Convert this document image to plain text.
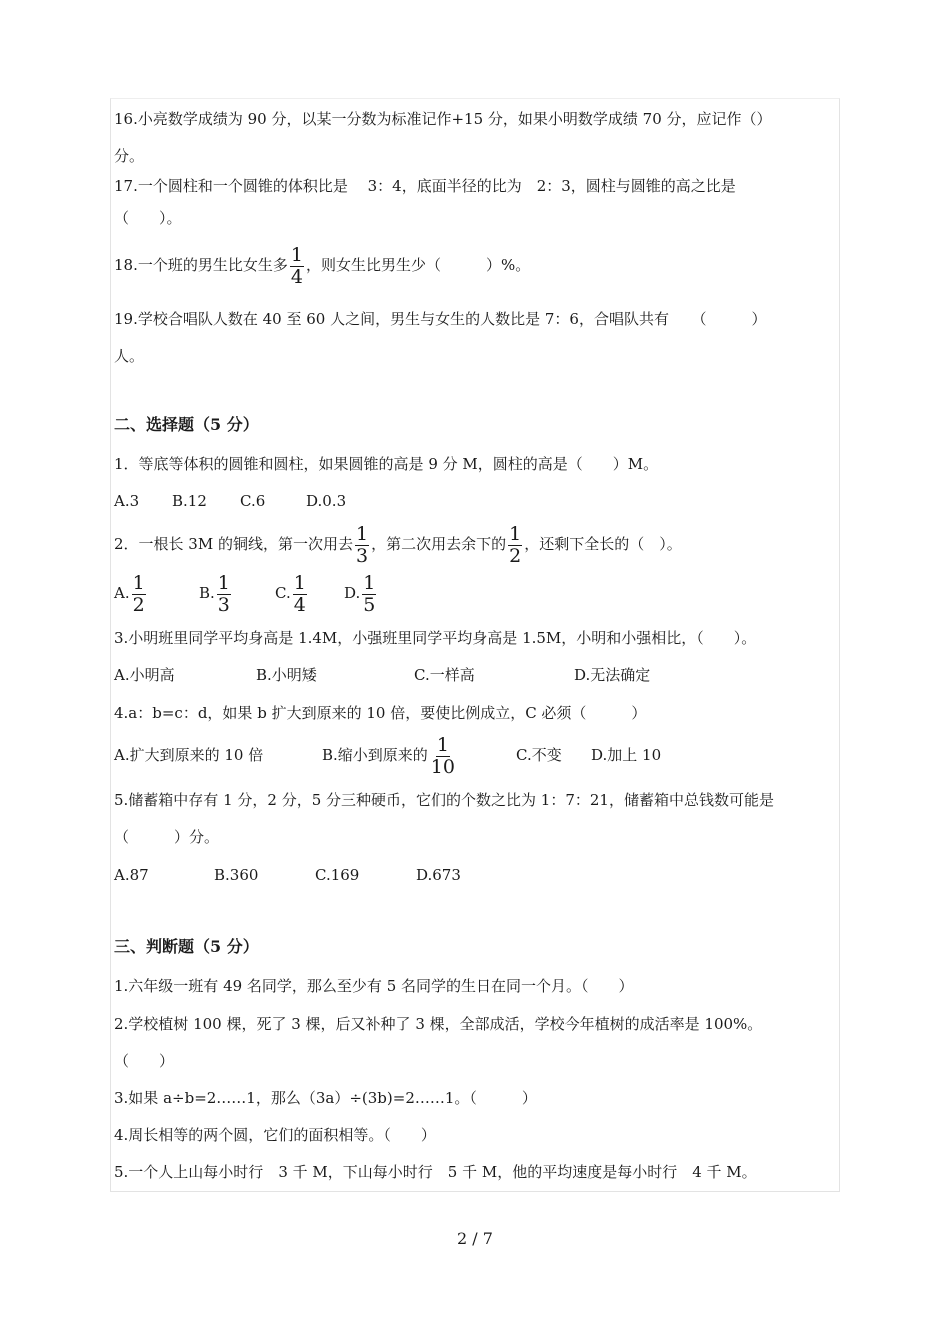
16.小亮数学成绩为 90 分，以某一分数为标准记作+15 分，如果小明数学成绩 70 分，应记作（）
分。
17.一个圆柱和一个圆锥的体积比是　 3：4，底面半径的比为　2：3，圆柱与圆锥的高之比是
（　　）。
18.一个班的男生比女生多 $\frac{1}{4}$ ，则女生比男生少（　　　）%。
19.学校合唱队人数在 40 至 60 人之间，男生与女生的人数比是 7：6，合唱队共有　　（　　　）
人。
二、选择题（5 分）
1．等底等体积的圆锥和圆柱，如果圆锥的高是 9 分 M，圆柱的高是（　　）M。
A.3 B.12 C.6	D.0.3
2．一根长 3M 的铜线，第一次用去 $\frac{1}{3}$ ，第二次用去余下的 $\frac{1}{2}$ ，还剩下全长的（　）。
A. $\frac{1}{2}$	B. $\frac{1}{3}$	C. $\frac{1}{4} D$. $\frac{1}{5}$
3.小明班里同学平均身高是 1.4M，小强班里同学平均身高是 1.5M，小明和小强相比，（　　）。
A.小明高	B.小明矮	C.一样高	D.无法确定
4.a：b=c：d，如果 b 扩大到原来的 10 倍，要使比例成立，C 必须（　　　）
A.扩大到原来的 10 倍	B.缩小到原来的 $\frac{1}{10}$	C.不变 D.加上 10
5.储蓄箱中存有 1 分，2 分，5 分三种硬币，它们的个数之比为 1：7：21，储蓄箱中总钱数可能是
（　　　）分。
A.87	B.360	C.169	D.673
三、判断题（5 分）
1.六年级一班有 49 名同学，那么至少有 5 名同学的生日在同一个月。（　　）
2.学校植树 100 棵，死了 3 棵，后又补种了 3 棵，全部成活，学校今年植树的成活率是 100%。
（　　）
3.如果 a÷b=2……1，那么（3a）÷(3b)=2……1。（　　　）
4.周长相等的两个圆，它们的面积相等。（　　）
5.一个人上山每小时行　3 千 M，下山每小时行　5 千 M，他的平均速度是每小时行　4 千 M。
2 / 7
